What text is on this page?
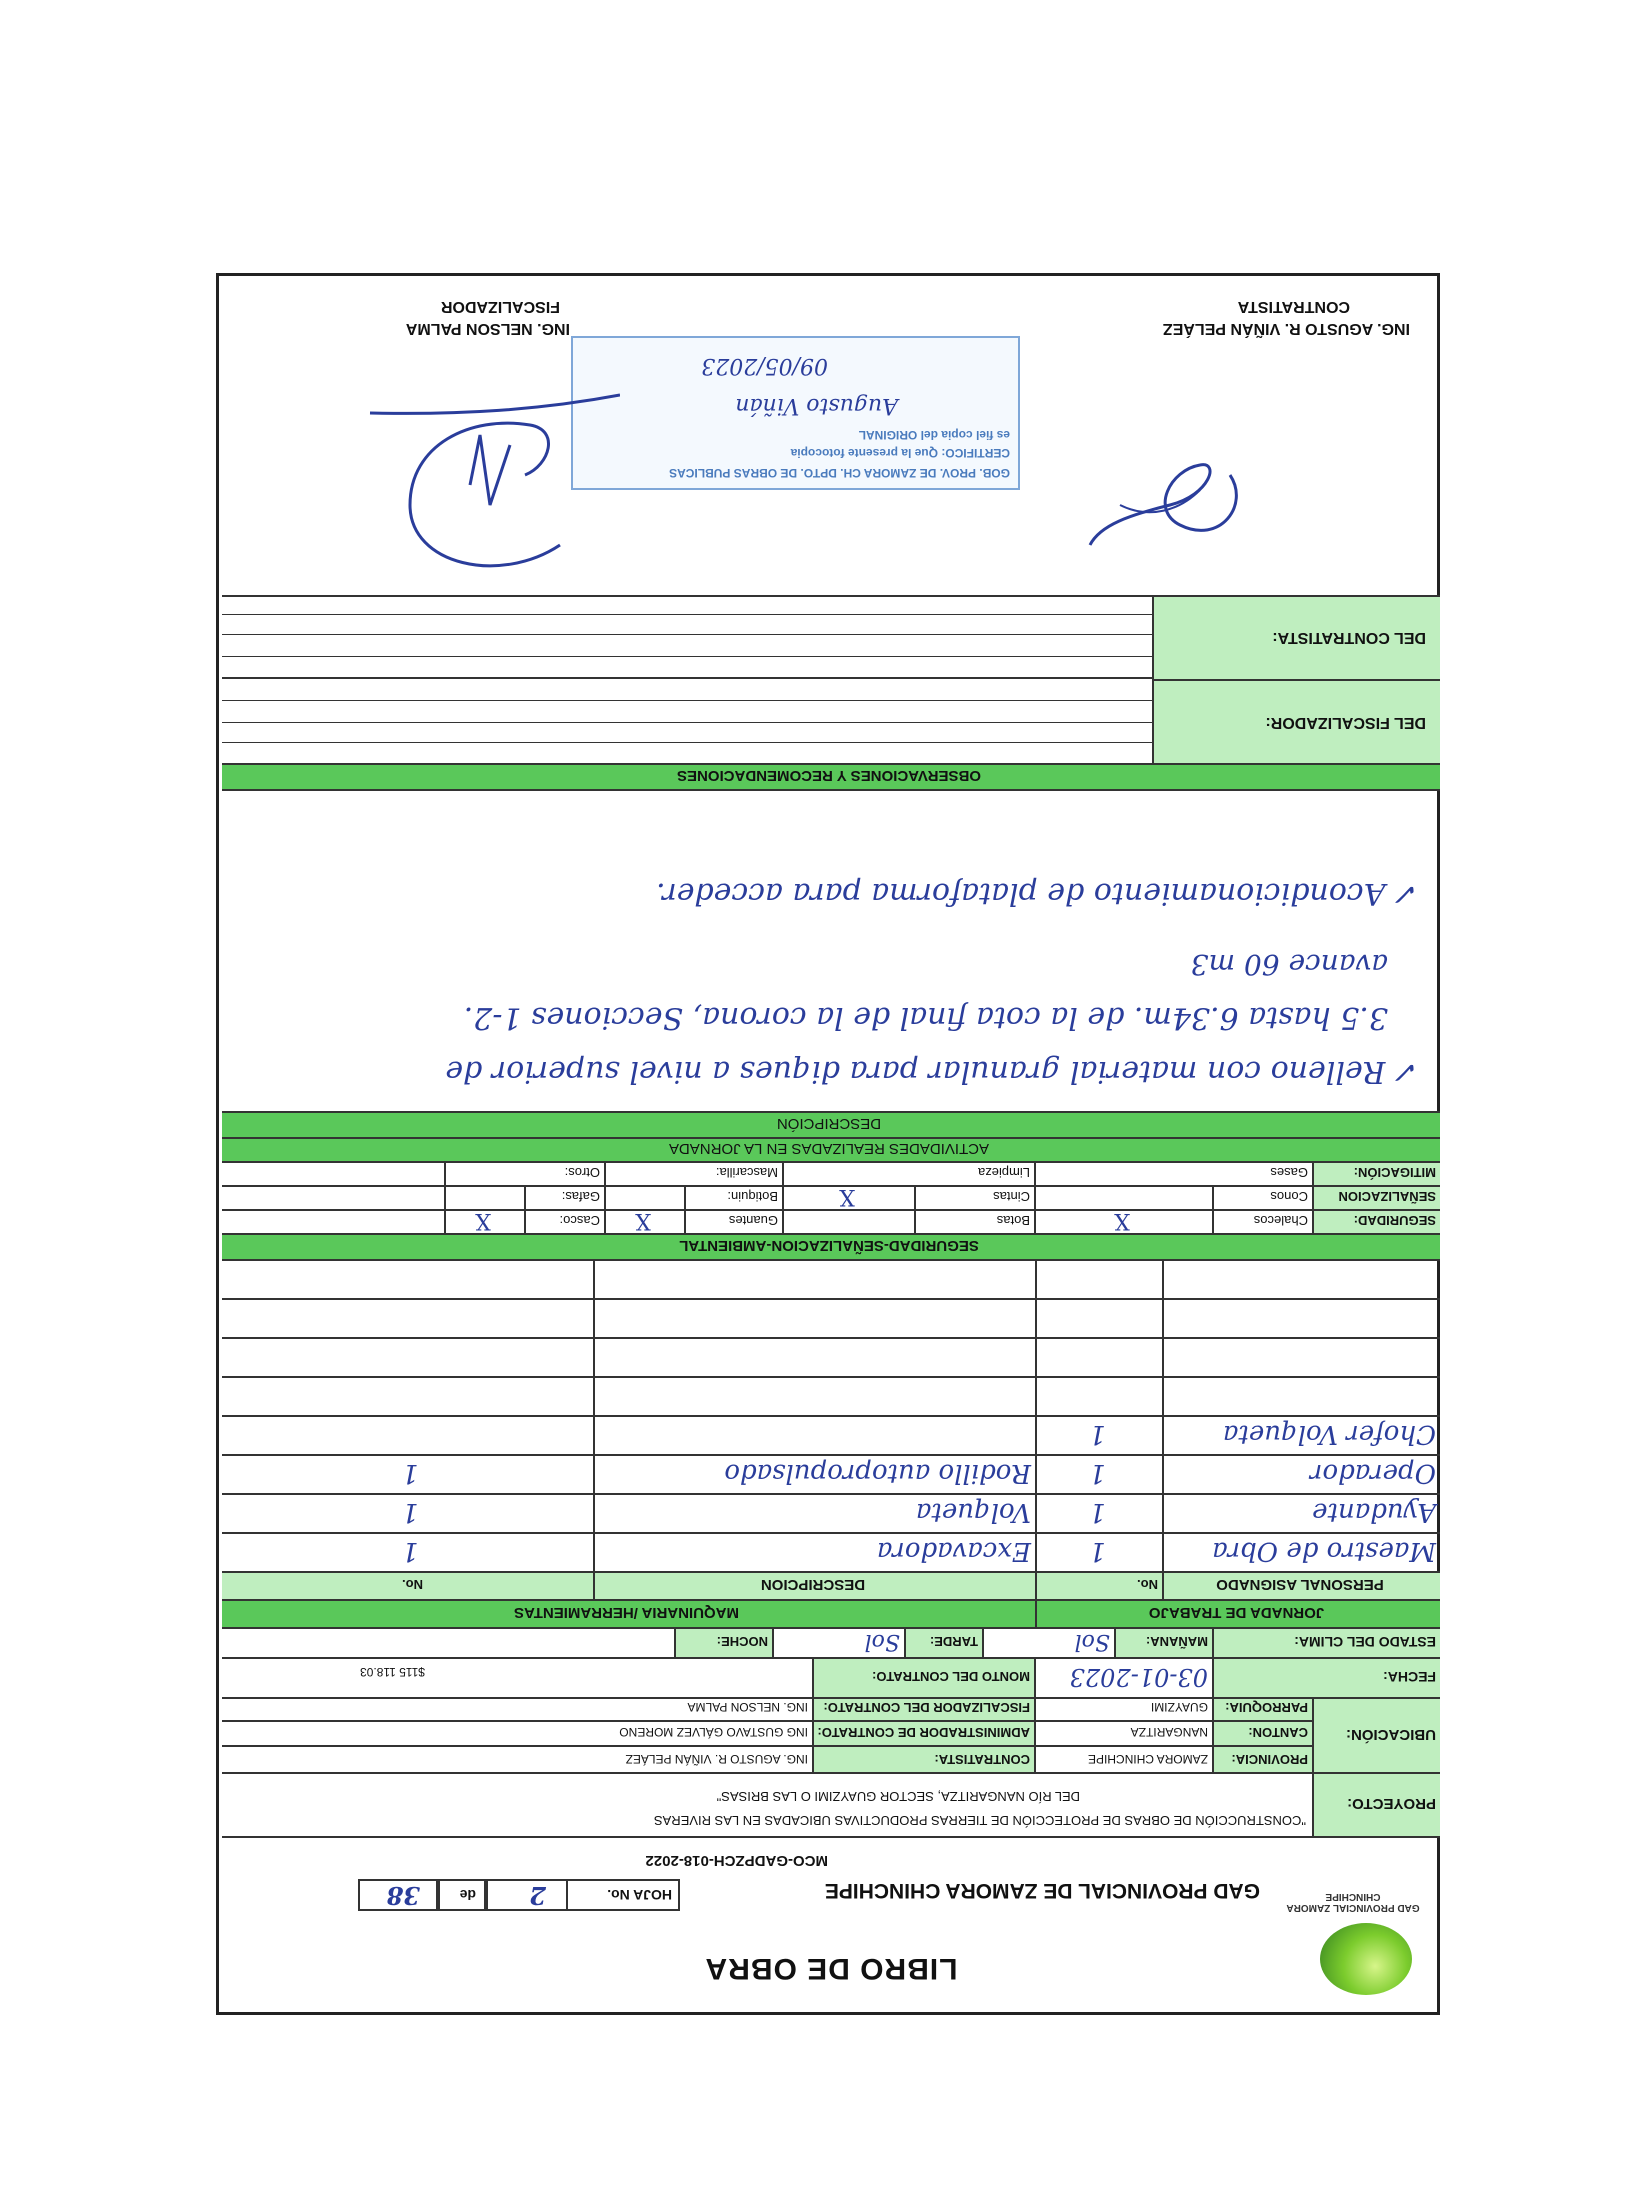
GAD PROVINCIAL ZAMORA CHINCHIPE
LIBRO DE OBRA
GAD PROVINCIAL DE ZAMORA CHINCHIPE
MCO-GADPZCH-018-2022
HOJA No.
2
de
38
PROYECTO:
"CONSTRUCCIÓN DE OBRAS DE PROTECCIÓN DE TIERRAS PRODUCTIVAS UBICADAS EN LAS RIVERAS
DEL RÍO NANGARITZA, SECTOR GUAYZIMI O LAS BRISAS"
UBICACIÓN:
PROVINCIA:
ZAMORA CHINCHIPE
CONTRATISTA:
ING. AGUSTO R. VIÑÁN PELÁEZ
CANTON:
NANGARITZA
ADMINISTRADOR DE CONTRATO:
ING GUSTAVO GÁLVEZ MORENO
PARROQUIA:
GUAYZIMI
FISCALIZADOR DEL CONTRATO:
ING. NELSON PALMA
FECHA:
03-01-2023
MONTO DEL CONTRATO:
$115 118.03
ESTADO DEL CLIMA:
MAÑANA:
Sol
TARDE:
Sol
NOCHE:
JORNADA DE TRABAJO
MAQUINARIA /HERRAMIENTAS
PERSONAL ASIGNADO
No.
DESCRIPCION
No.
Maestro de Obra
1
Excavadora
1
Ayudante
1
Volqueta
1
Operador
1
Rodillo autopropulsado
1
Chofer Volqueta
1
SEGURIDAD-SEÑALIZACION-AMBIENTAL
SEGURIDAD:
Chalecos
X
Botas
Guantes
X
Casco:
X
SEÑALIZACION
Conos
Cintas
X
Botiquin:
Gafas:
MITIGACIÓN:
Gases
Limpieza
Mascarilla:
Otros:
ACTIVIDADES REALIZADAS EN LA JORNADA
DESCRIPCIÓN
✓ Relleno con material granular para diques a nivel superior de
3.5 hasta 6.34m. de la cota final de la corona, Secciones 1-2.
avance 60 m3
✓ Acondicionamiento de plataforma para acceder.
OBSERVACIONES Y RECOMENDACIONES
DEL FISCALIZADOR:
DEL CONTRATISTA:
GOB. PROV. DE ZAMORA CH. DPTO. DE OBRAS PUBLICAS
CERTIFICO: Que la presente fotocopia
es fiel copia del ORIGINAL
Augusto Viñán
09/05/2023
ING. AGUSTO R. VIÑÁN PELÁEZ
CONTRATISTA
ING. NELSON PALMA
FISCALIZADOR
